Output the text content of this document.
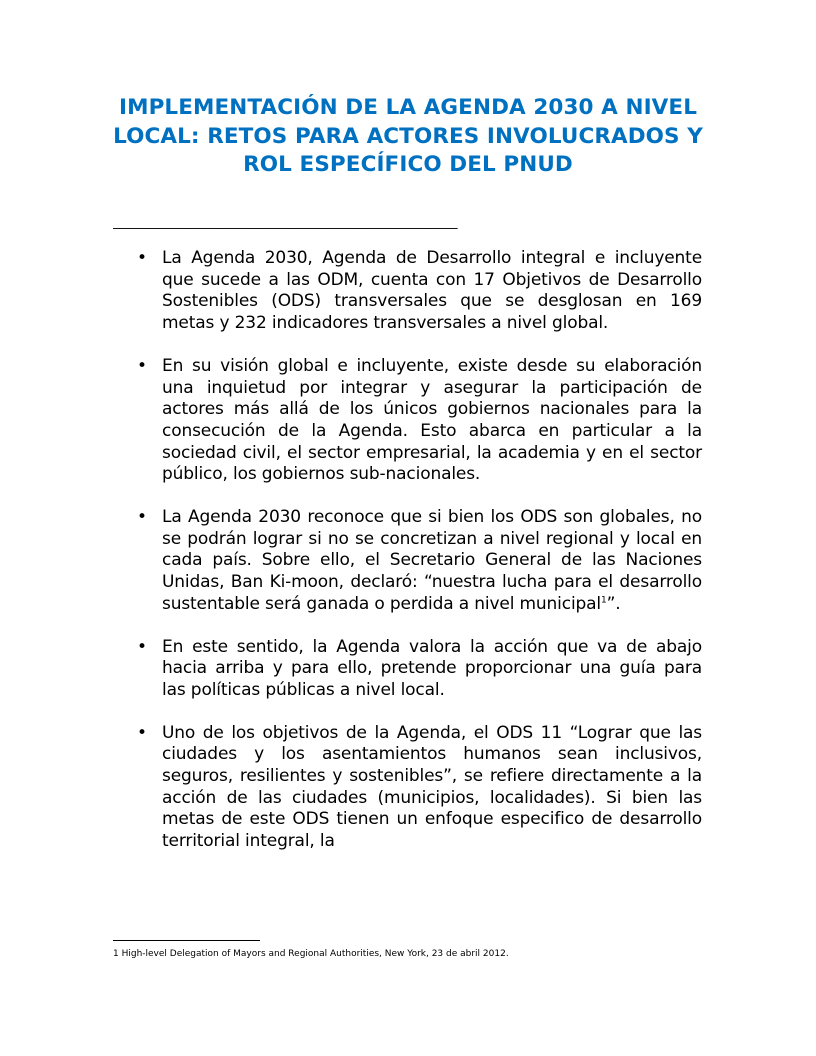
IMPLEMENTACIÓN DE LA AGENDA 2030 A NIVEL LOCAL: RETOS PARA ACTORES INVOLUCRADOS Y ROL ESPECÍFICO DEL PNUD
_____________________________________________________
• La Agenda 2030, Agenda de Desarrollo integral e incluyente que sucede a las ODM, cuenta con 17 Objetivos de Desarrollo Sostenibles (ODS) transversales que se desglosan en 169 metas y 232 indicadores transversales a nivel global.
• En su visión global e incluyente, existe desde su elaboración una inquietud por integrar y asegurar la participación de actores más allá de los únicos gobiernos nacionales para la consecución de la Agenda. Esto abarca en particular a la sociedad civil, el sector empresarial, la academia y en el sector público, los gobiernos sub-nacionales.
• La Agenda 2030 reconoce que si bien los ODS son globales, no se podrán lograr si no se concretizan a nivel regional y local en cada país. Sobre ello, el Secretario General de las Naciones Unidas, Ban Ki-moon, declaró: “nuestra lucha para el desarrollo sustentable será ganada o perdida a nivel municipal$^1$”.
• En este sentido, la Agenda valora la acción que va de abajo hacia arriba y para ello, pretende proporcionar una guía para las políticas públicas a nivel local.
• Uno de los objetivos de la Agenda, el ODS 11 “Lograr que las ciudades y los asentamientos humanos sean inclusivos, seguros, resilientes y sostenibles”, se refiere directamente a la acción de las ciudades (municipios, localidades). Si bien las metas de este ODS tienen un enfoque especifico de desarrollo territorial integral, la
1 High-level Delegation of Mayors and Regional Authorities, New York, 23 de abril 2012.
